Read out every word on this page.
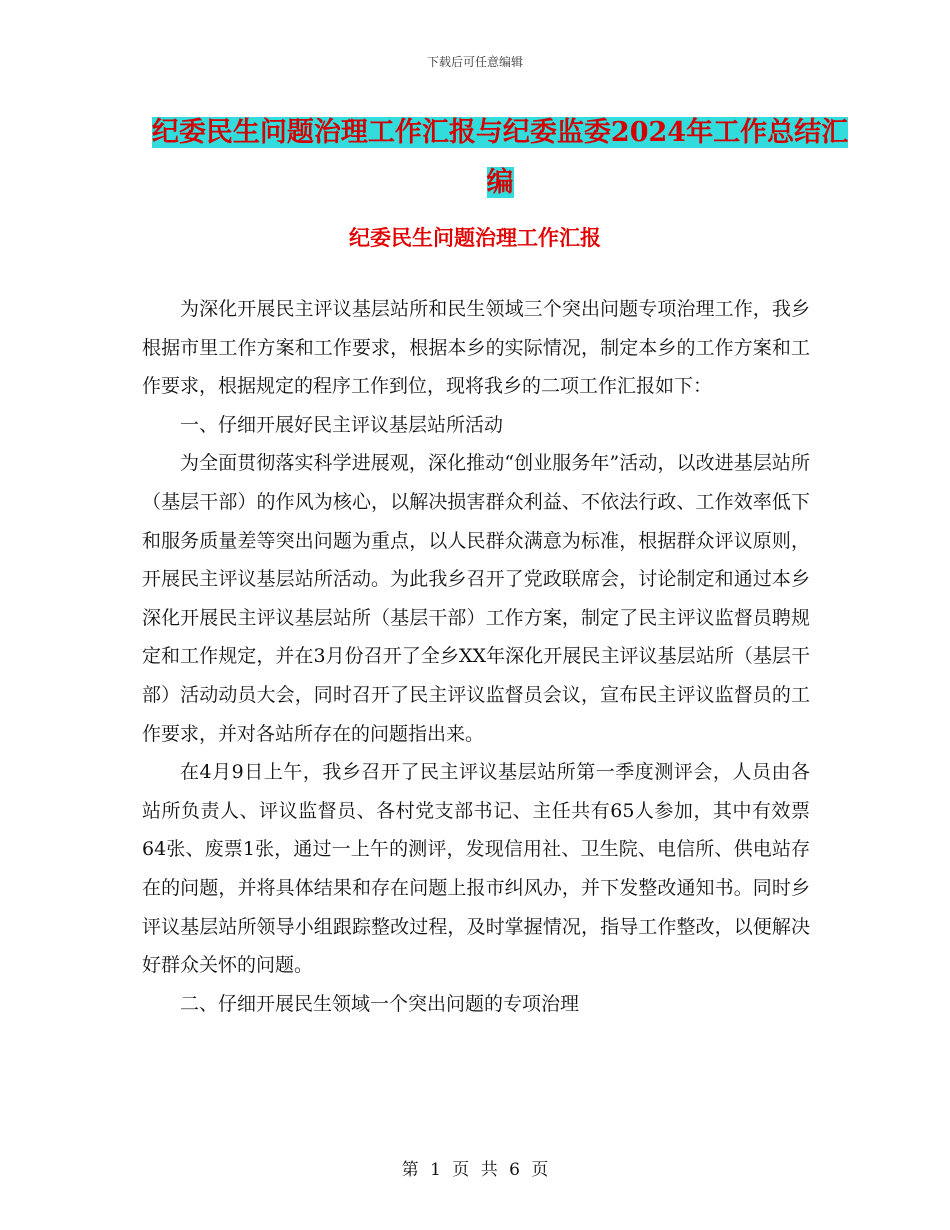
下载后可任意编辑
纪委民生问题治理工作汇报与纪委监委2024年工作总结汇编
纪委民生问题治理工作汇报

为深化开展民主评议基层站所和民生领域三个突出问题专项治理工作，我乡根据市里工作方案和工作要求，根据本乡的实际情况，制定本乡的工作方案和工作要求，根据规定的程序工作到位，现将我乡的二项工作汇报如下：

一、仔细开展好民主评议基层站所活动

为全面贯彻落实科学进展观，深化推动“创业服务年”活动，以改进基层站所（基层干部）的作风为核心，以解决损害群众利益、不依法行政、工作效率低下和服务质量差等突出问题为重点，以人民群众满意为标准，根据群众评议原则，开展民主评议基层站所活动。为此我乡召开了党政联席会，讨论制定和通过本乡深化开展民主评议基层站所（基层干部）工作方案，制定了民主评议监督员聘规定和工作规定，并在3月份召开了全乡XX年深化开展民主评议基层站所（基层干部）活动动员大会，同时召开了民主评议监督员会议，宣布民主评议监督员的工作要求，并对各站所存在的问题指出来。

在4月9日上午，我乡召开了民主评议基层站所第一季度测评会，人员由各站所负责人、评议监督员、各村党支部书记、主任共有65人参加，其中有效票64张、废票1张，通过一上午的测评，发现信用社、卫生院、电信所、供电站存在的问题，并将具体结果和存在问题上报市纠风办，并下发整改通知书。同时乡评议基层站所领导小组跟踪整改过程，及时掌握情况，指导工作整改，以便解决好群众关怀的问题。

二、仔细开展民生领域一个突出问题的专项治理

第 1 页 共 6 页
